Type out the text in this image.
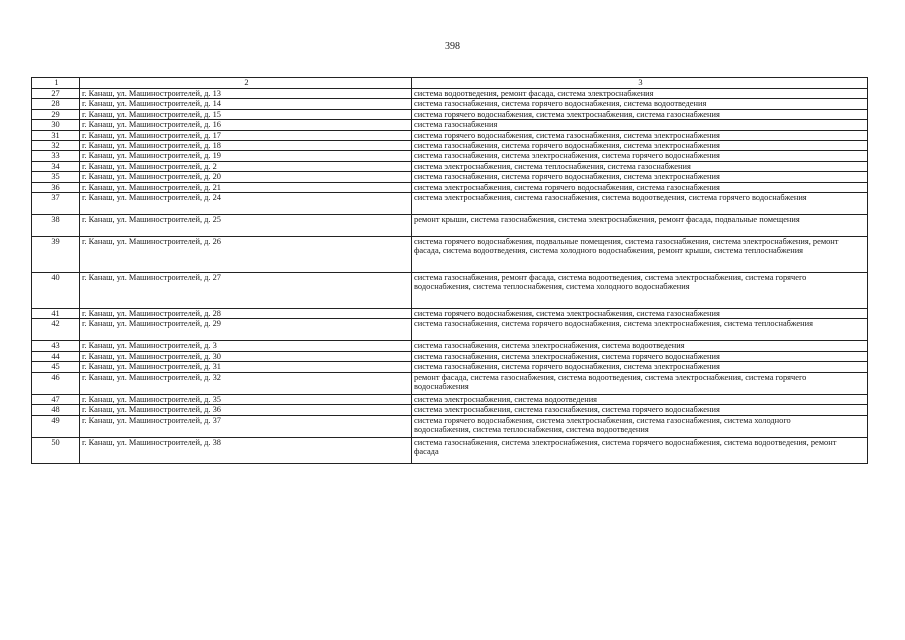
398
1	2	3
27	г. Канаш, ул. Машиностроителей, д. 13	система водоотведения, ремонт фасада, система электроснабжения
28	г. Канаш, ул. Машиностроителей, д. 14	система газоснабжения, система горячего водоснабжения, система водоотведения
29	г. Канаш, ул. Машиностроителей, д. 15	система горячего водоснабжения, система электроснабжения, система газоснабжения
30	г. Канаш, ул. Машиностроителей, д. 16	система газоснабжения
31	г. Канаш, ул. Машиностроителей, д. 17	система горячего водоснабжения, система газоснабжения, система электроснабжения
32	г. Канаш, ул. Машиностроителей, д. 18	система газоснабжения, система горячего водоснабжения, система электроснабжения
33	г. Канаш, ул. Машиностроителей, д. 19	система газоснабжения, система электроснабжения, система горячего водоснабжения
34	г. Канаш, ул. Машиностроителей, д. 2	система электроснабжения, система теплоснабжения, система газоснабжения
35	г. Канаш, ул. Машиностроителей, д. 20	система газоснабжения, система горячего водоснабжения, система электроснабжения
36	г. Канаш, ул. Машиностроителей, д. 21	система электроснабжения, система горячего водоснабжения, система газоснабжения
37	г. Канаш, ул. Машиностроителей, д. 24	система электроснабжения, система газоснабжения, система водоотведения, система горячего водоснабжения
38	г. Канаш, ул. Машиностроителей, д. 25	ремонт крыши, система газоснабжения, система электроснабжения, ремонт фасада, подвальные помещения
39	г. Канаш, ул. Машиностроителей, д. 26	система горячего водоснабжения, подвальные помещения, система газоснабжения, система электроснабжения, ремонт фасада, система водоотведения, система холодного водоснабжения, ремонт крыши, система теплоснабжения
40	г. Канаш, ул. Машиностроителей, д. 27	система газоснабжения, ремонт фасада, система водоотведения, система электроснабжения, система горячего водоснабжения, система теплоснабжения, система холодного водоснабжения
41	г. Канаш, ул. Машиностроителей, д. 28	система горячего водоснабжения, система электроснабжения, система газоснабжения
42	г. Канаш, ул. Машиностроителей, д. 29	система газоснабжения, система горячего водоснабжения, система электроснабжения, система теплоснабжения
43	г. Канаш, ул. Машиностроителей, д. 3	система газоснабжения, система электроснабжения, система водоотведения
44	г. Канаш, ул. Машиностроителей, д. 30	система газоснабжения, система электроснабжения, система горячего водоснабжения
45	г. Канаш, ул. Машиностроителей, д. 31	система газоснабжения, система горячего водоснабжения, система электроснабжения
46	г. Канаш, ул. Машиностроителей, д. 32	ремонт фасада, система газоснабжения, система водоотведения, система электроснабжения, система горячего водоснабжения
47	г. Канаш, ул. Машиностроителей, д. 35	система электроснабжения, система водоотведения
48	г. Канаш, ул. Машиностроителей, д. 36	система электроснабжения, система газоснабжения, система горячего водоснабжения
49	г. Канаш, ул. Машиностроителей, д. 37	система горячего водоснабжения, система электроснабжения, система газоснабжения, система холодного водоснабжения, система теплоснабжения, система водоотведения
50	г. Канаш, ул. Машиностроителей, д. 38	система газоснабжения, система электроснабжения, система горячего водоснабжения, система водоотведения, ремонт фасада
